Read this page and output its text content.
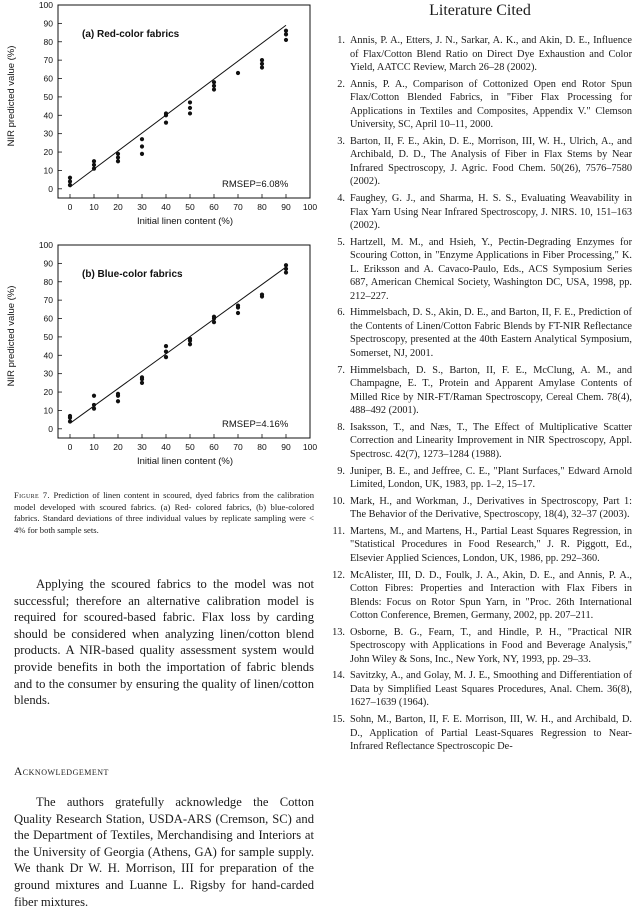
NIR predicted value (%)
Initial linen content (%)
(a) Red-color fabrics
RMSEP=6.08%
0
10
20
30
40
50
60
70
80
90
100
0 10 20 30 40 50 60 70 80 90 100
NIR predicted value (%)
Initial linen content (%)
(b) Blue-color fabrics
RMSEP=4.16%
0
10
20
30
40
50
60
70
80
90
100
0 10 20 30 40 50 60 70 80 90 100
Figure 7. Prediction of linen content in scoured, dyed fabrics from the calibration model developed with scoured fabrics. (a) Red- colored fabrics, (b) blue-colored fabrics. Standard deviations of three individual values by replicate sampling were < 4% for both sample sets.
Applying the scoured fabrics to the model was not successful; therefore an alternative calibration model is required for scoured-based fabric. Flax loss by carding should be considered when analyzing linen/cotton blend products. A NIR-based quality assessment system would provide benefits in both the importation of fabric blends and to the consumer by ensuring the quality of linen/cotton blends.
Acknowledgement
The authors gratefully acknowledge the Cotton Quality Research Station, USDA-ARS (Cremson, SC) and the Department of Textiles, Merchandising and Interiors at the University of Georgia (Athens, GA) for sample supply. We thank Dr W. H. Morrison, III for preparation of the ground mixtures and Luanne L. Rigsby for hand-carded fiber mixtures.
Literature Cited
1. Annis, P. A., Etters, J. N., Sarkar, A. K., and Akin, D. E., Influence of Flax/Cotton Blend Ratio on Direct Dye Exhaustion and Color Yield, AATCC Review, March 26–28 (2002).
2. Annis, P. A., Comparison of Cottonized Open end Rotor Spun Flax/Cotton Blended Fabrics, in "Fiber Flax Processing for Applications in Textiles and Composites, Appendix V." Clemson University, SC, April 10–11, 2000.
3. Barton, II, F. E., Akin, D. E., Morrison, III, W. H., Ulrich, A., and Archibald, D. D., The Analysis of Fiber in Flax Stems by Near Infrared Spectroscopy, J. Agric. Food Chem. 50(26), 7576–7580 (2002).
4. Faughey, G. J., and Sharma, H. S. S., Evaluating Weavability in Flax Yarn Using Near Infrared Spectroscopy, J. NIRS. 10, 151–163 (2002).
5. Hartzell, M. M., and Hsieh, Y., Pectin-Degrading Enzymes for Scouring Cotton, in "Enzyme Applications in Fiber Processing," K. L. Eriksson and A. Cavaco-Paulo, Eds., ACS Symposium Series 687, American Chemical Society, Washington DC, USA, 1998, pp. 212–227.
6. Himmelsbach, D. S., Akin, D. E., and Barton, II, F. E., Prediction of the Contents of Linen/Cotton Fabric Blends by FT-NIR Reflectance Spectroscopy, presented at the 40th Eastern Analytical Symposium, Somerset, NJ, 2001.
7. Himmelsbach, D. S., Barton, II, F. E., McClung, A. M., and Champagne, E. T., Protein and Apparent Amylase Contents of Milled Rice by NIR-FT/Raman Spectroscopy, Cereal Chem. 78(4), 488–492 (2001).
8. Isaksson, T., and Næs, T., The Effect of Multiplicative Scatter Correction and Linearity Improvement in NIR Spectroscopy, Appl. Spectrosc. 42(7), 1273–1284 (1988).
9. Juniper, B. E., and Jeffree, C. E., "Plant Surfaces," Edward Arnold Limited, London, UK, 1983, pp. 1–2, 15–17.
10. Mark, H., and Workman, J., Derivatives in Spectroscopy, Part 1: The Behavior of the Derivative, Spectroscopy, 18(4), 32–37 (2003).
11. Martens, M., and Martens, H., Partial Least Squares Regression, in "Statistical Procedures in Food Research," J. R. Piggott, Ed., Elsevier Applied Sciences, London, UK, 1986, pp. 292–360.
12. McAlister, III, D. D., Foulk, J. A., Akin, D. E., and Annis, P. A., Cotton Fibres: Properties and Interaction with Flax Fibers in Blends: Focus on Rotor Spun Yarn, in "Proc. 26th International Cotton Conference, Bremen, Germany, 2002, pp. 207–211.
13. Osborne, B. G., Fearn, T., and Hindle, P. H., "Practical NIR Spectroscopy with Applications in Food and Beverage Analysis," John Wiley & Sons, Inc., New York, NY, 1993, pp. 29–33.
14. Savitzky, A., and Golay, M. J. E., Smoothing and Differentiation of Data by Simplified Least Squares Procedures, Anal. Chem. 36(8), 1627–1639 (1964).
15. Sohn, M., Barton, II, F. E. Morrison, III, W. H., and Archibald, D. D., Application of Partial Least-Squares Regression to Near-Infrared Reflectance Spectroscopic De-
